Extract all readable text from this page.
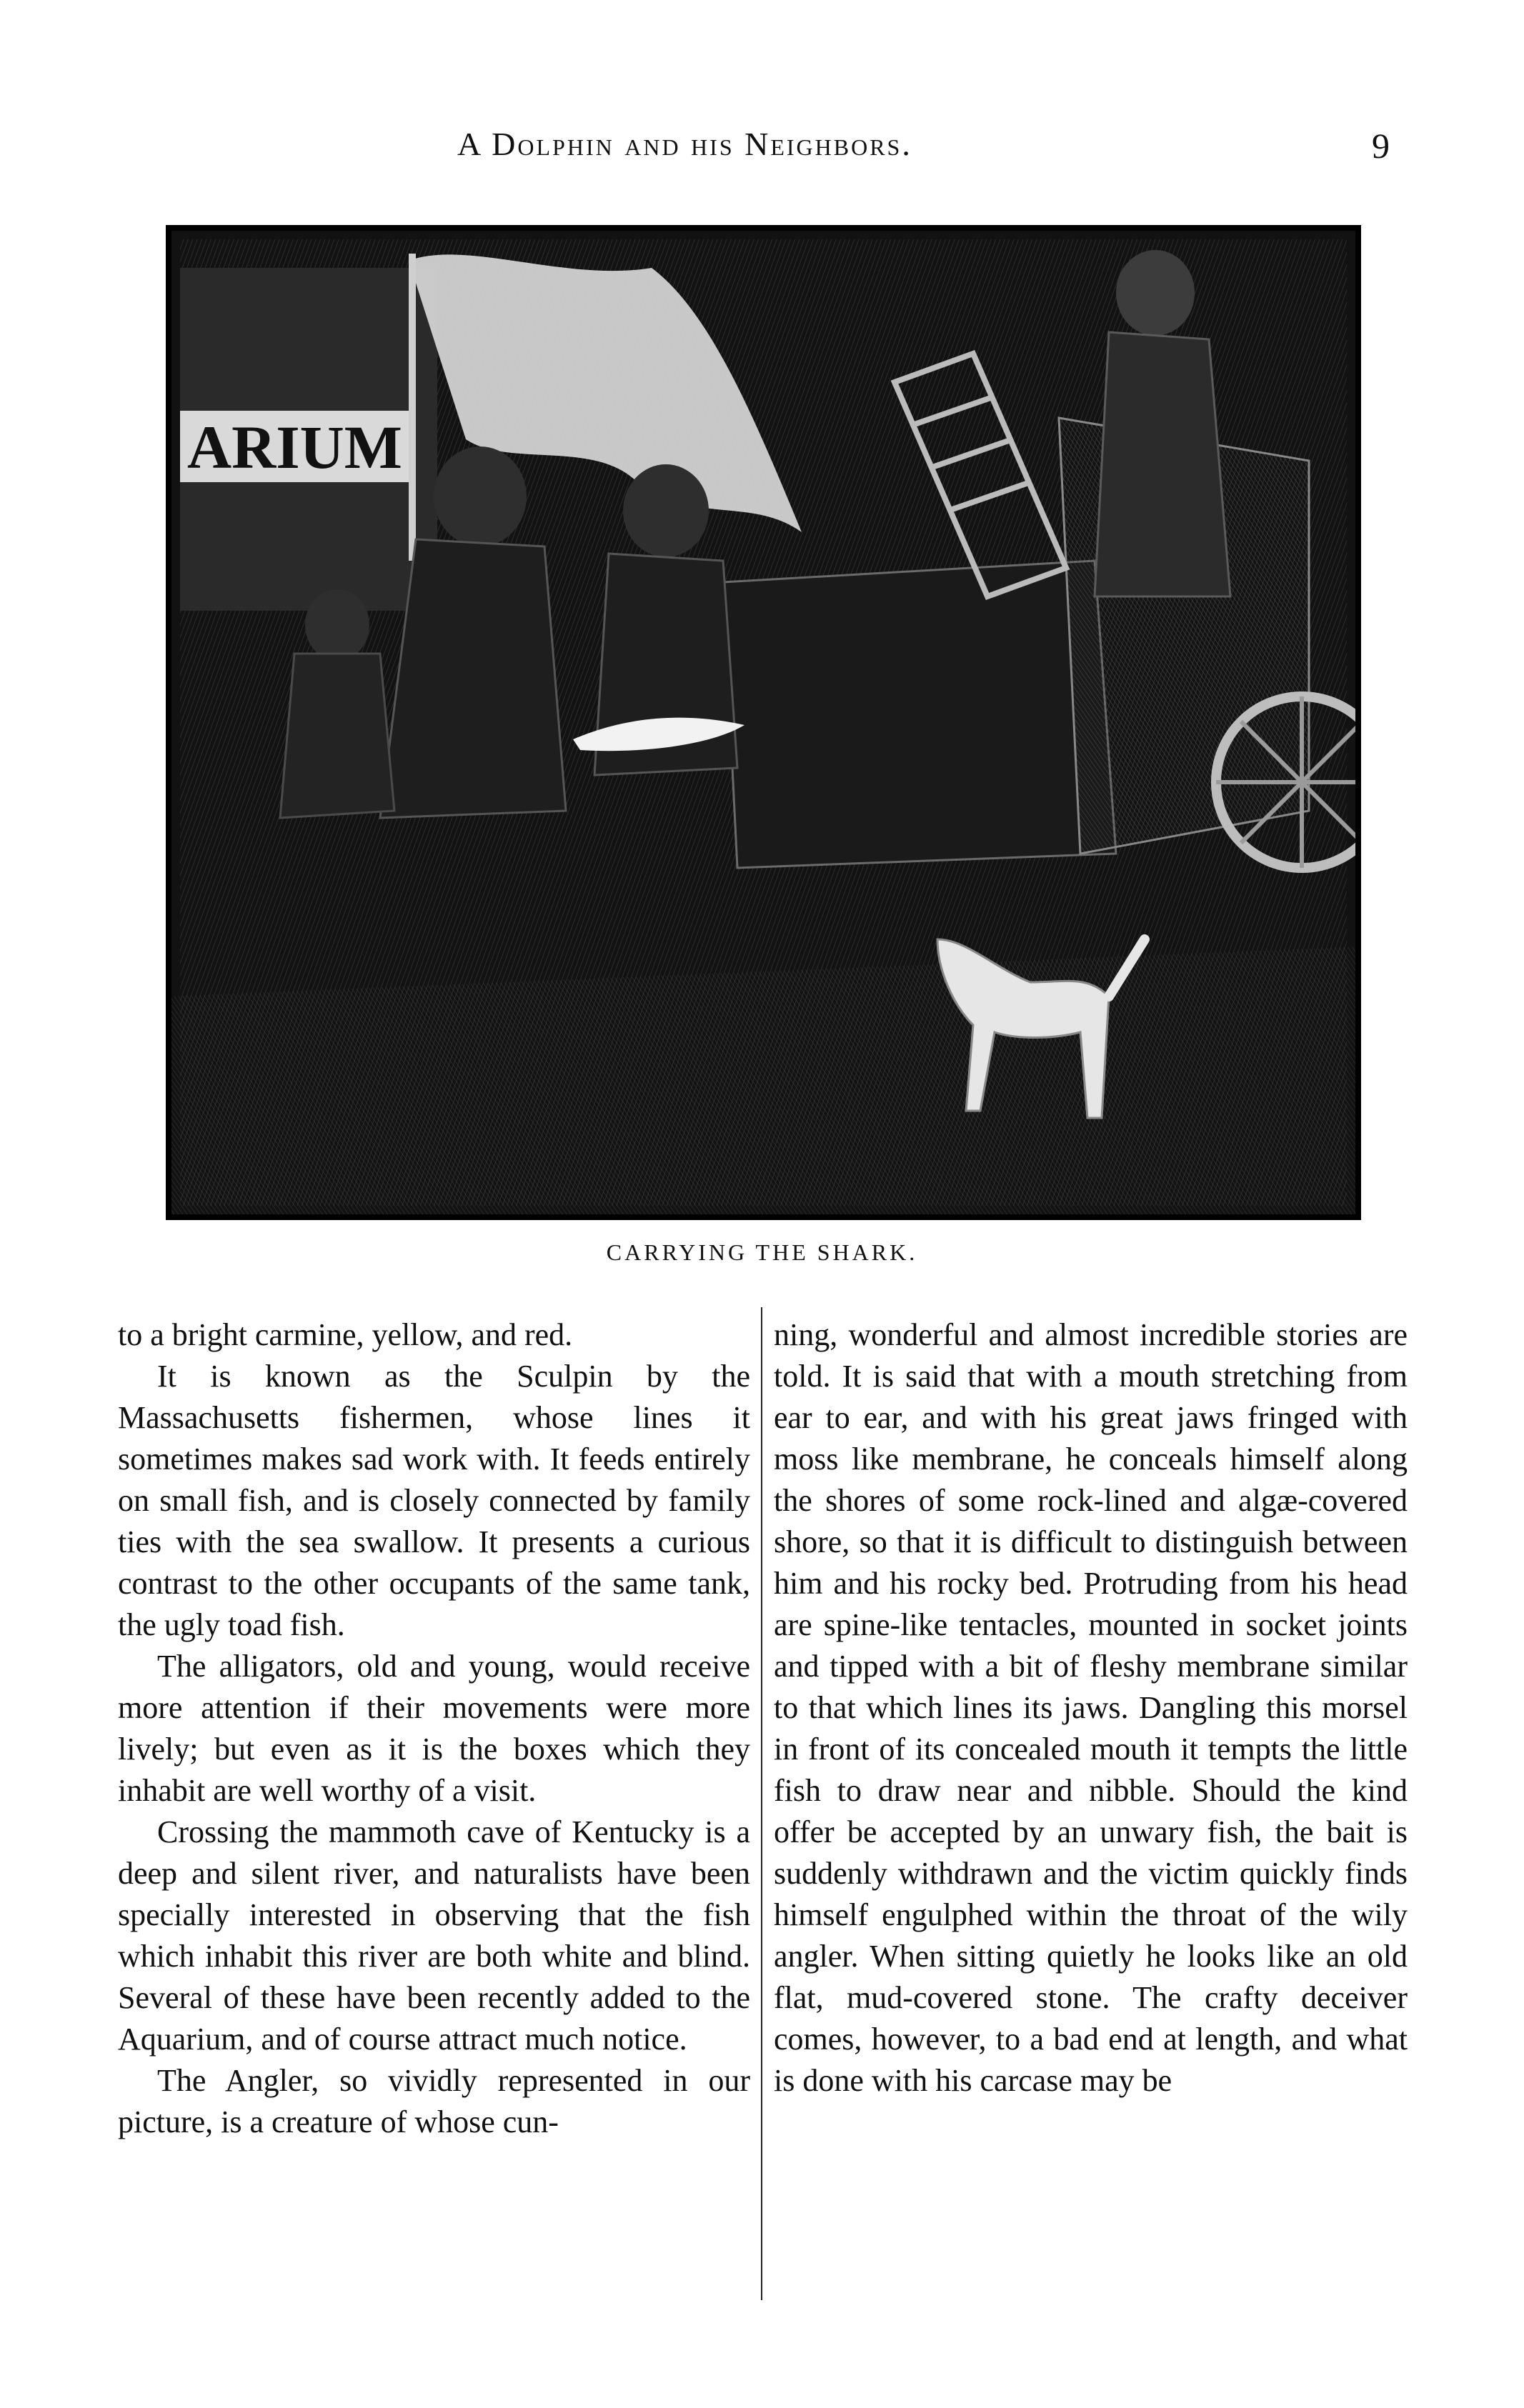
A Dolphin and his Neighbors.	9
ARIUM
CARRYING THE SHARK.

to a bright carmine, yellow, and red.

It is known as the Sculpin by the Massachusetts fishermen, whose lines it sometimes makes sad work with. It feeds entirely on small fish, and is closely connected by family ties with the sea swallow. It presents a curious contrast to the other occupants of the same tank, the ugly toad fish.

The alligators, old and young, would receive more attention if their movements were more lively; but even as it is the boxes which they inhabit are well worthy of a visit.

Crossing the mammoth cave of Kentucky is a deep and silent river, and naturalists have been specially interested in observing that the fish which inhabit this river are both white and blind. Several of these have been recently added to the Aquarium, and of course attract much notice.

The Angler, so vividly represented in our picture, is a creature of whose cun-

ning, wonderful and almost incredible stories are told. It is said that with a mouth stretching from ear to ear, and with his great jaws fringed with moss like membrane, he conceals himself along the shores of some rock-lined and algæ-covered shore, so that it is difficult to distinguish between him and his rocky bed. Protruding from his head are spine-like tentacles, mounted in socket joints and tipped with a bit of fleshy membrane similar to that which lines its jaws. Dangling this morsel in front of its concealed mouth it tempts the little fish to draw near and nibble. Should the kind offer be accepted by an unwary fish, the bait is suddenly withdrawn and the victim quickly finds himself engulphed within the throat of the wily angler. When sitting quietly he looks like an old flat, mud-covered stone. The crafty deceiver comes, however, to a bad end at length, and what is done with his carcase may be
